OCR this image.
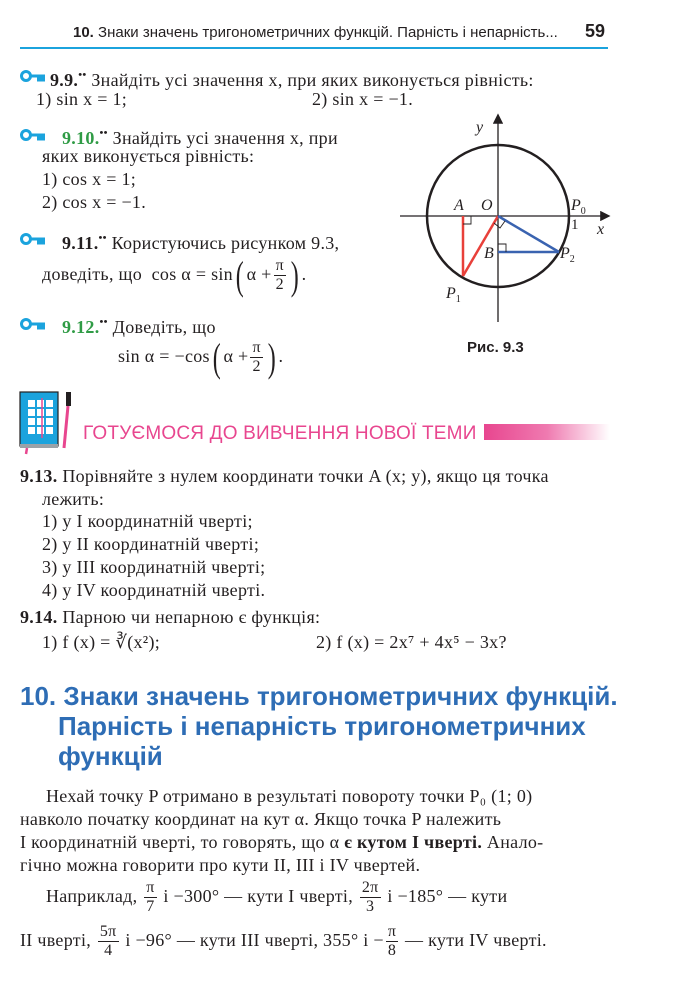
10. Знаки значень тригонометричних функцій. Парність і непарність... 59
9.9.•• Знайдіть усі значення x, при яких виконується рівність:
1) sin x = 1;	2) sin x = −1.
9.10.•• Знайдіть усі значення x, при
яких виконується рівність:
1) cos x = 1;
2) cos x = −1.
9.11.•• Користуючись рисунком 9.3,
доведіть, що  cos α = sin( $\alpha + \frac{\pi}{2}$ ) .
9.12.•• Доведіть, що
sin α = −cos( $\alpha + \frac{\pi}{2}$ ) .
y
x
O
A
B
1
$P_0$
$P_1$
$P_2$
Рис. 9.3
ГОТУЄМОСЯ ДО ВИВЧЕННЯ НОВОЇ ТЕМИ
9.13. Порівняйте з нулем координати точки A (x; y), якщо ця точка
лежить:
1) у I координатній чверті;
2) у II координатній чверті;
3) у III координатній чверті;
4) у IV координатній чверті.
9.14. Парною чи непарною є функція:
1) f (x) = ∛(x²);	2) f (x) = 2x⁷ + 4x⁵ − 3x?
10. Знаки значень тригонометричних функцій.
Парність і непарність тригонометричних
функцій
Нехай точку P отримано в результаті повороту точки P₀ (1; 0)
навколо початку координат на кут α. Якщо точка P належить
I координатній чверті, то говорять, що α є кутом I чверті. Анало-
гічно можна говорити про кути II, III і IV чвертей.
Наприклад, $\frac{\pi}{7}$ і −300° — кути I чверті, $\frac{2\pi}{3}$ і −185° — кути
II чверті, $\frac{5\pi}{4}$ і −96° — кути III чверті, 355° $і - \frac{\pi}{8}$ — кути IV чверті.
